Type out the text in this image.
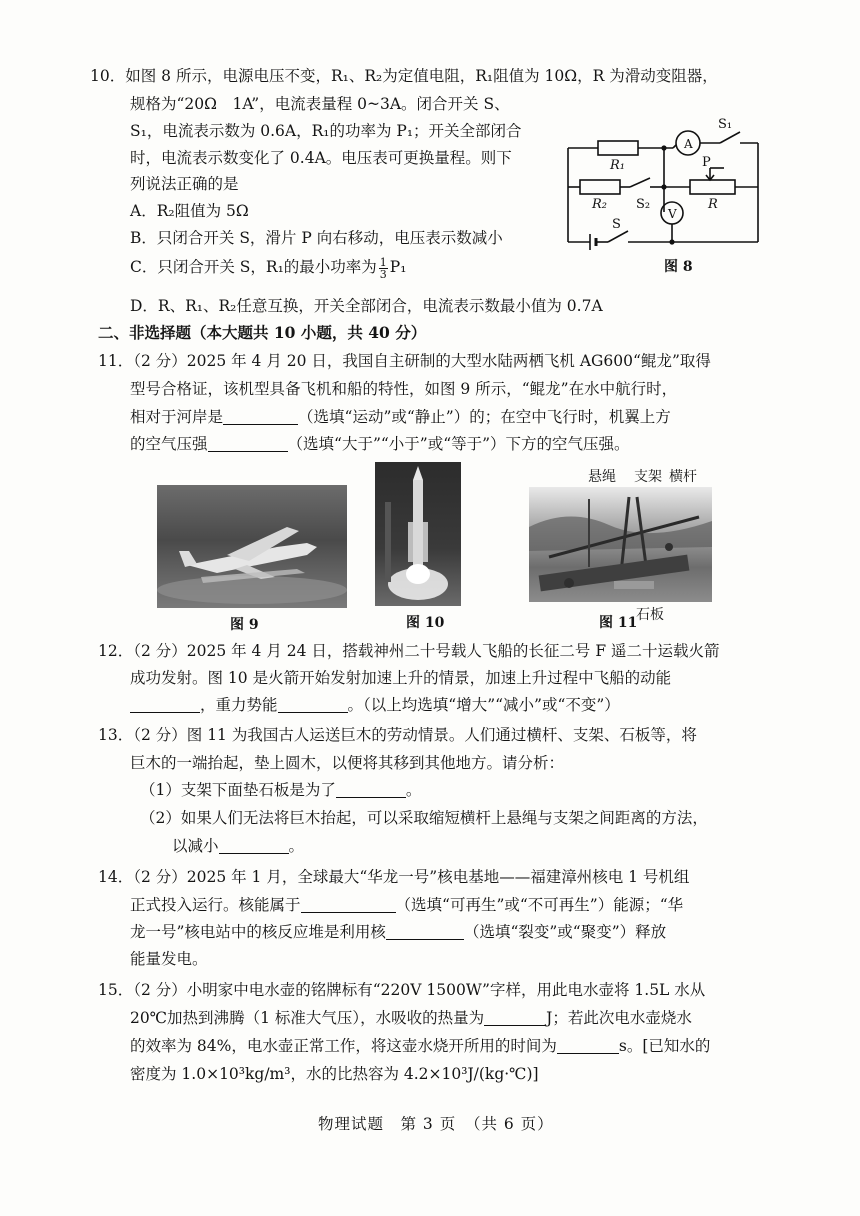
10．如图 8 所示，电源电压不变，R₁、R₂为定值电阻，R₁阻值为 10Ω，R 为滑动变阻器，
规格为“20Ω　1A”，电流表量程 0~3A。闭合开关 S、
S₁，电流表示数为 0.6A，R₁的功率为 P₁；开关全部闭合
时，电流表示数变化了 0.4A。电压表可更换量程。则下
列说法正确的是
A．R₂阻值为 5Ω
B．只闭合开关 S，滑片 P 向右移动，电压表示数减小
C．只闭合开关 S，R₁的最小功率为 $\frac{1}{3} P_1$
D．R、R₁、R₂任意互换，开关全部闭合，电流表示数最小值为 0.7A
R₁
R₂	R
S₁
S₂
S
P
A
V
图 8
二、非选择题（本大题共 10 小题，共 40 分）
11．（2 分）2025 年 4 月 20 日，我国自主研制的大型水陆两栖飞机 AG600“鲲龙”取得
型号合格证，该机型具备飞机和船的特性，如图 9 所示，“鲲龙”在水中航行时，
相对于河岸是	（选填“运动”或“静止”）的；在空中飞行时，机翼上方
的空气压强	（选填“大于”“小于”或“等于”）下方的空气压强。
图 9	图 10
悬绳 支架 横杆
石板
图 11
12．（2 分）2025 年 4 月 24 日，搭载神州二十号载人飞船的长征二号 F 遥二十运载火箭
成功发射。图 10 是火箭开始发射加速上升的情景，加速上升过程中飞船的动能
，重力势能	。（以上均选填“增大”“减小”或“不变”）
13．（2 分）图 11 为我国古人运送巨木的劳动情景。人们通过横杆、支架、石板等，将
巨木的一端抬起，垫上圆木，以便将其移到其他地方。请分析：
（1）支架下面垫石板是为了	。
（2）如果人们无法将巨木抬起，可以采取缩短横杆上悬绳与支架之间距离的方法，
以减小	。
14．（2 分）2025 年 1 月，全球最大“华龙一号”核电基地——福建漳州核电 1 号机组
正式投入运行。核能属于	（选填“可再生”或“不可再生”）能源；“华
龙一号”核电站中的核反应堆是利用核	（选填“裂变”或“聚变”）释放
能量发电。
15．（2 分）小明家中电水壶的铭牌标有“220V 1500W”字样，用此电水壶将 1.5L 水从
20℃加热到沸腾（1 标准大气压），水吸收的热量为	J；若此次电水壶烧水
的效率为 84%，电水壶正常工作，将这壶水烧开所用的时间为	s。[已知水的
密度为 1.0×10³kg/m³，水的比热容为 4.2×10³J/(kg·℃)]
物理试题　第 3 页　（共 6 页）
